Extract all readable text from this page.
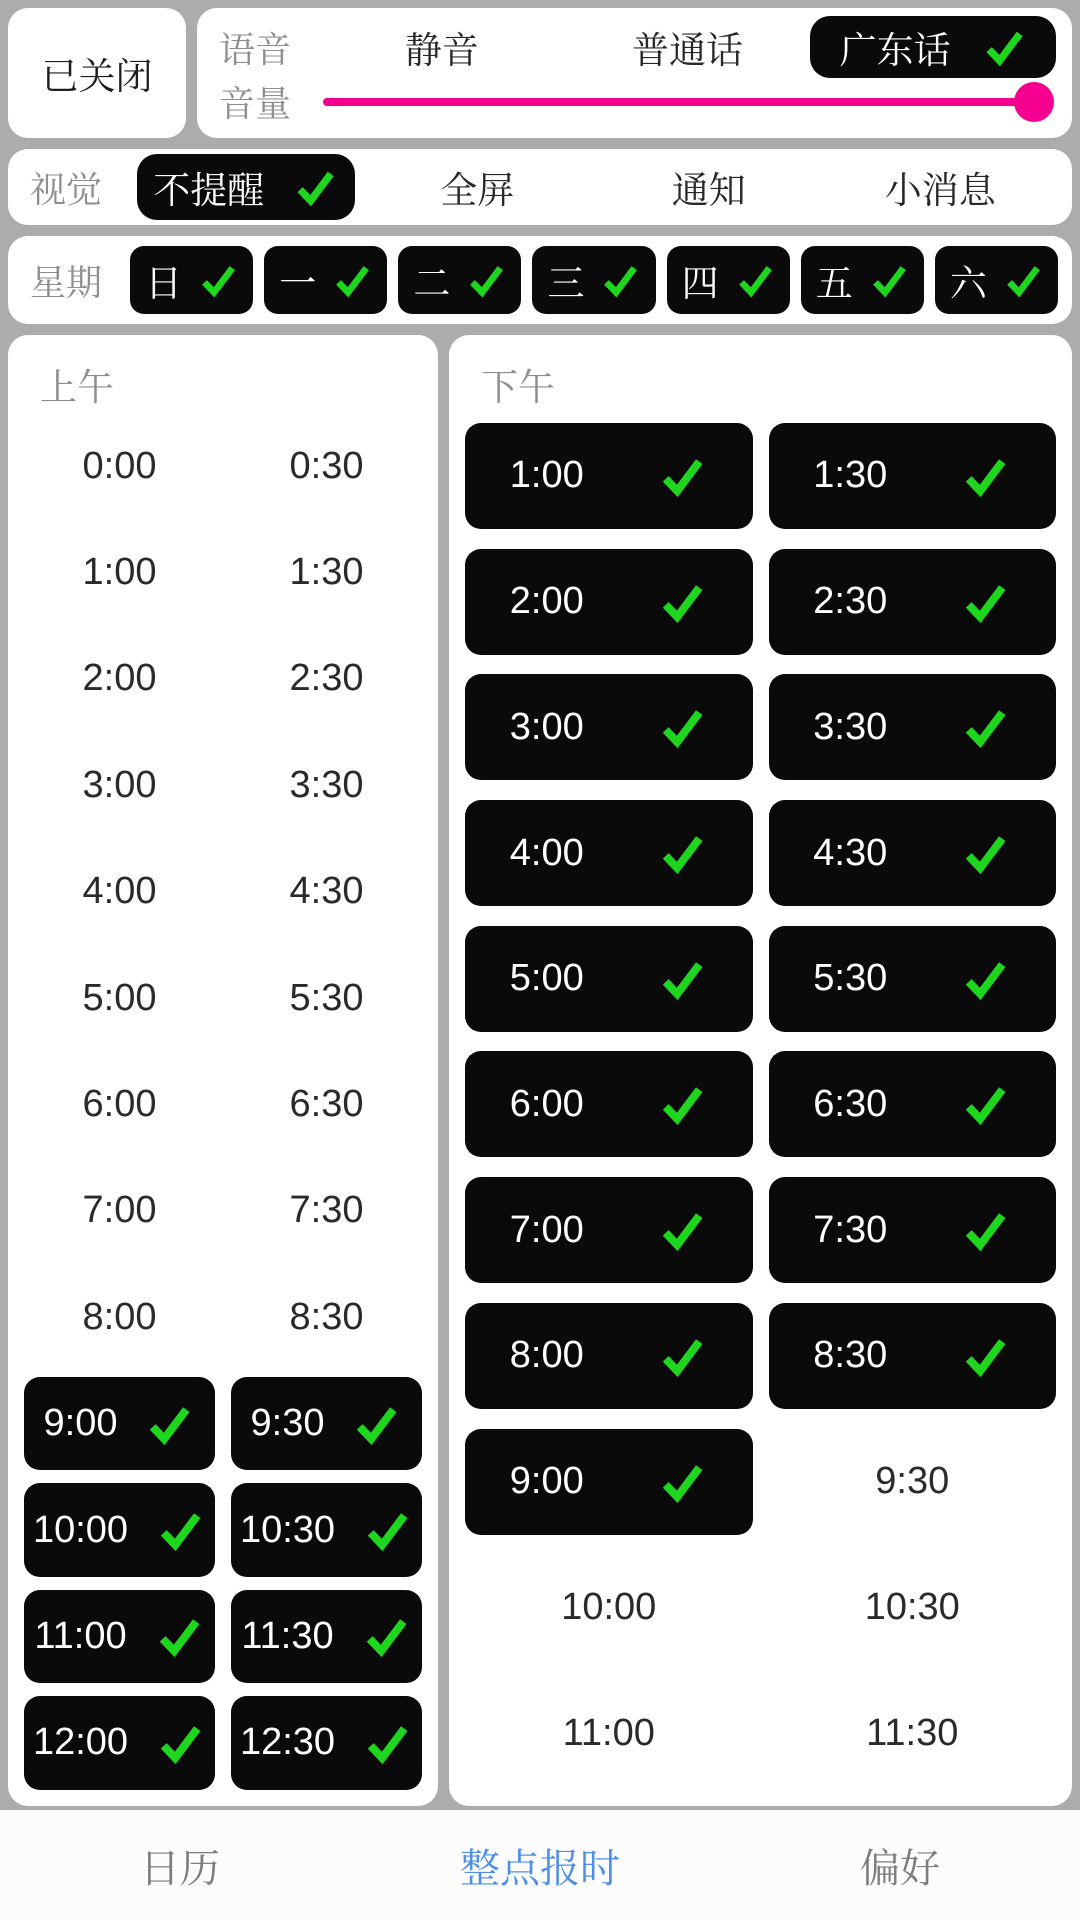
已关闭
语音	静音	普通话	广东话
音量
视觉	不提醒	全屏	通知	小消息
星期	日	一	二	三	四	五	六
上午
0:00	0:30
1:00	1:30
2:00	2:30
3:00	3:30
4:00	4:30
5:00	5:30
6:00	6:30
7:00	7:30
8:00	8:30
9:00	9:30
10:00	10:30
11:00	11:30
12:00	12:30
下午
1:00	1:30
2:00	2:30
3:00	3:30
4:00	4:30
5:00	5:30
6:00	6:30
7:00	7:30
8:00	8:30
9:00	9:30
10:00	10:30
11:00	11:30
日历	整点报时	偏好
